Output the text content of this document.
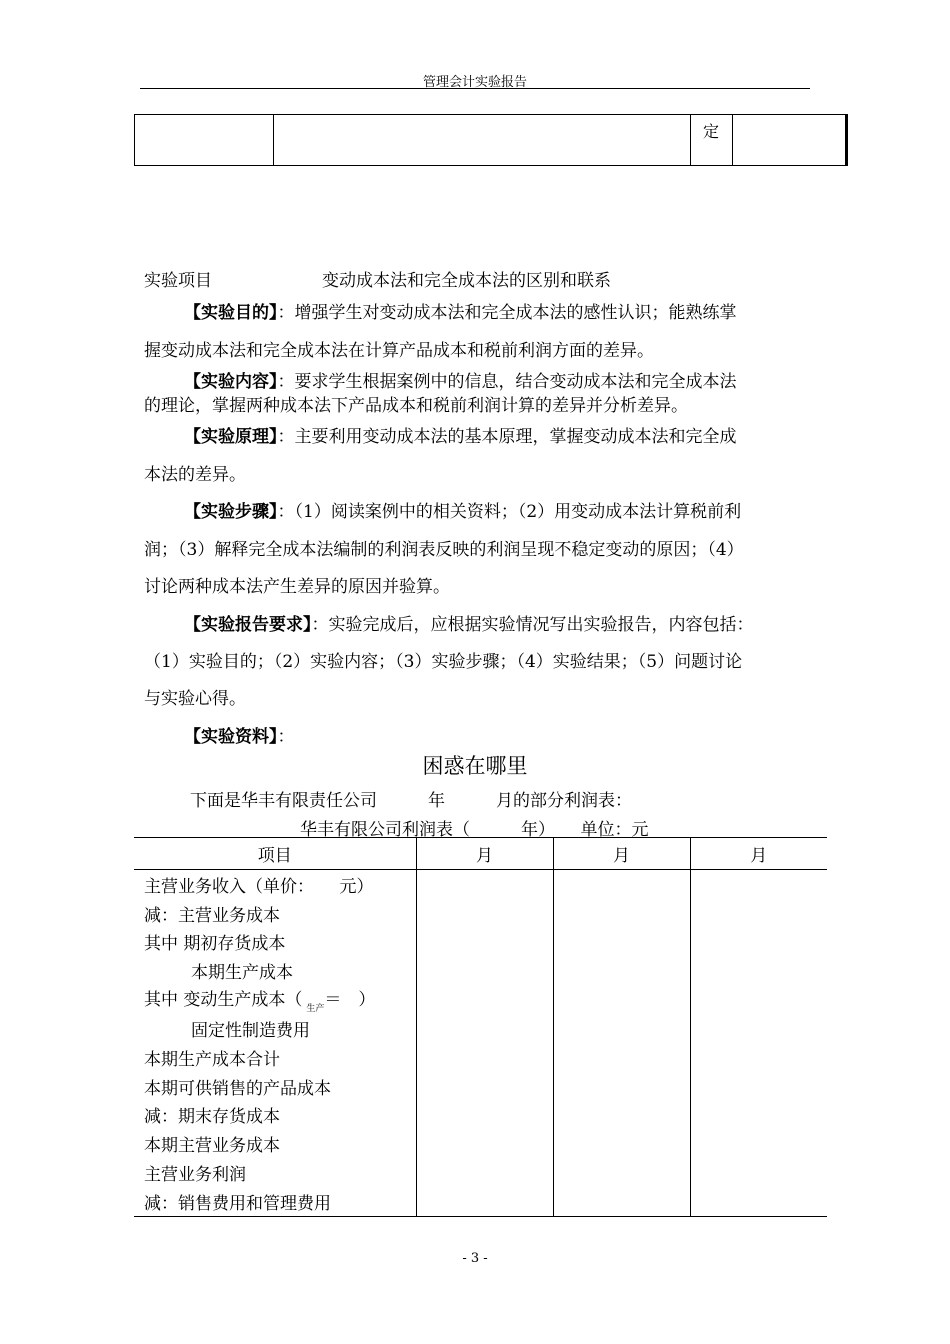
管理会计实验报告

定

实验项目	变动成本法和完全成本法的区别和联系
【实验目的】：增强学生对变动成本法和完全成本法的感性认识；能熟练掌
握变动成本法和完全成本法在计算产品成本和税前利润方面的差异。
【实验内容】：要求学生根据案例中的信息，结合变动成本法和完全成本法
的理论，掌握两种成本法下产品成本和税前利润计算的差异并分析差异。
【实验原理】：主要利用变动成本法的基本原理，掌握变动成本法和完全成
本法的差异。
【实验步骤】：（1）阅读案例中的相关资料；（2）用变动成本法计算税前利
润；（3）解释完全成本法编制的利润表反映的利润呈现不稳定变动的原因；（4）
讨论两种成本法产生差异的原因并验算。
【实验报告要求】：实验完成后，应根据实验情况写出实验报告，内容包括：
（1）实验目的；（2）实验内容；（3）实验步骤；（4）实验结果；（5）问题讨论
与实验心得。
【实验资料】：
困惑在哪里
下面是华丰有限责任公司　　　年　　　月的部分利润表：
华丰有限公司利润表（　　　年）　　单位：元
项目	月	月	月
主营业务收入（单价：　　元）			
减：主营业务成本			
其中 期初存货成本			
本期生产成本			
其中 变动生产成本（ $_{生产}$＝　）			
固定性制造费用			
本期生产成本合计			
本期可供销售的产品成本			
减：期末存货成本			
本期主营业务成本			
主营业务利润			
减：销售费用和管理费用			
- 3 -
